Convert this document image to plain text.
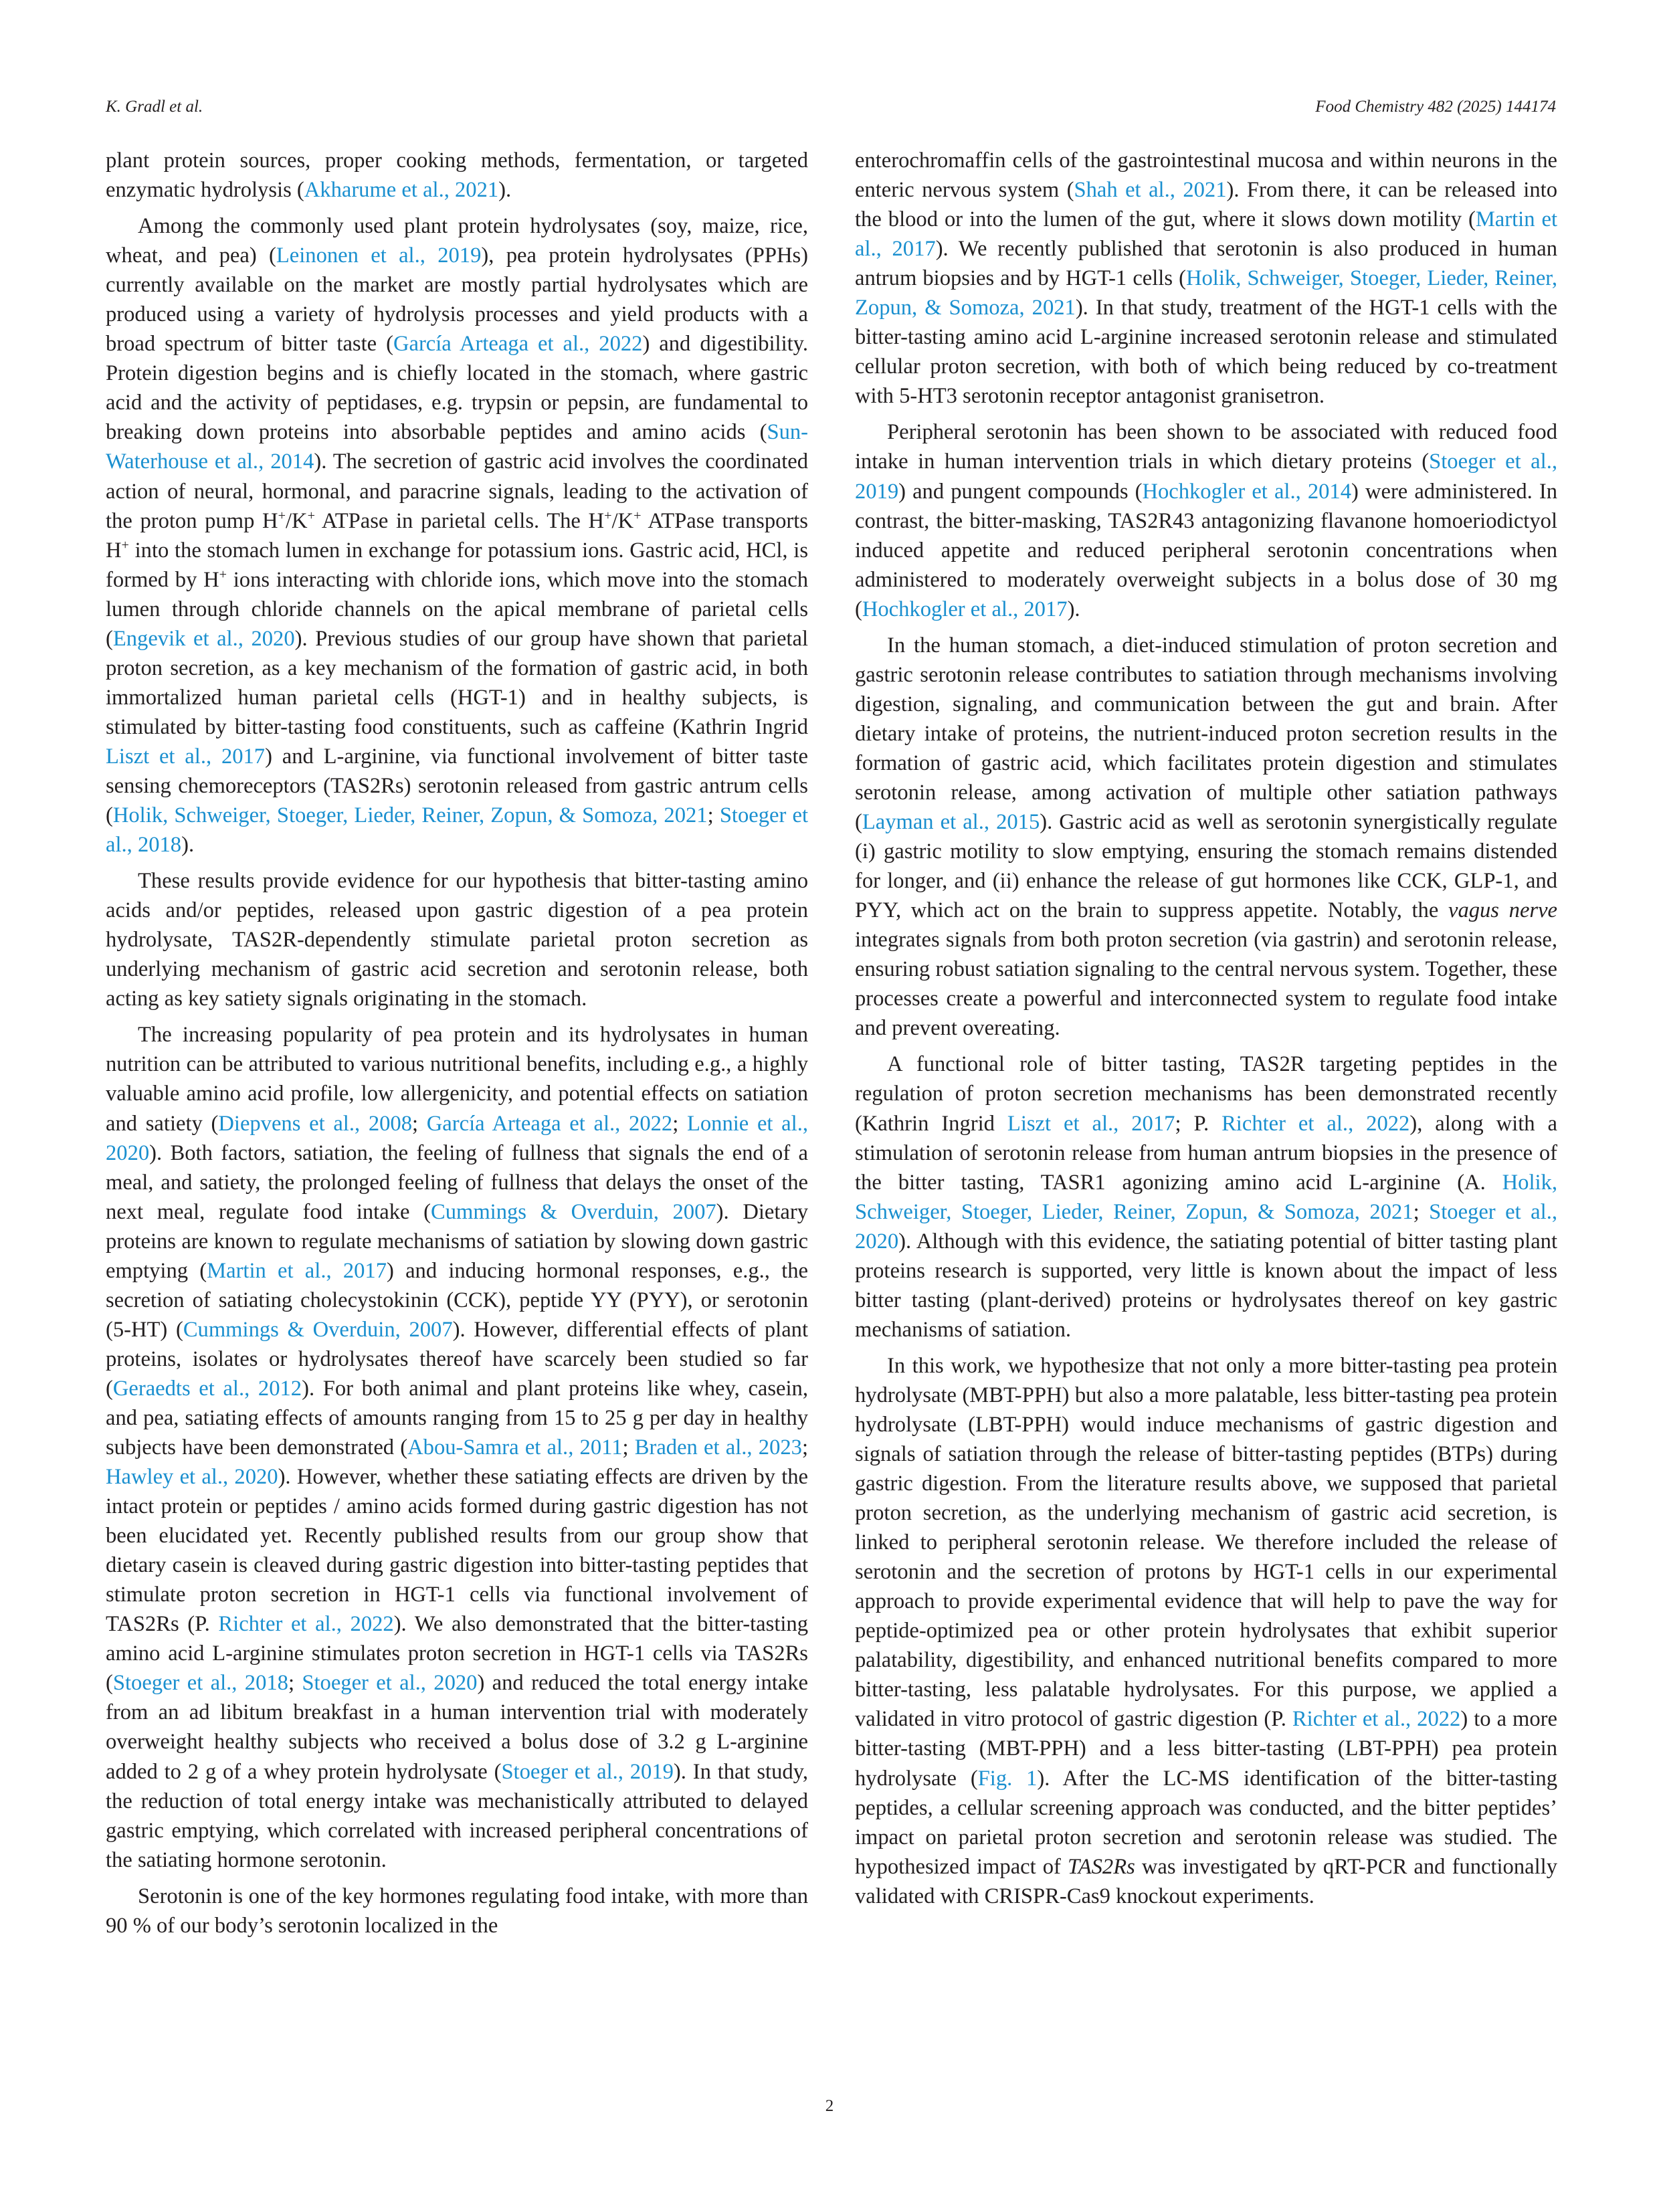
K. Gradl et al.	Food Chemistry 482 (2025) 144174

plant protein sources, proper cooking methods, fermentation, or targeted enzymatic hydrolysis (Akharume et al., 2021).

Among the commonly used plant protein hydrolysates (soy, maize, rice, wheat, and pea) (Leinonen et al., 2019), pea protein hydrolysates (PPHs) currently available on the market are mostly partial hydrolysates which are produced using a variety of hydrolysis processes and yield products with a broad spectrum of bitter taste (García Arteaga et al., 2022) and digestibility. Protein digestion begins and is chiefly located in the stomach, where gastric acid and the activity of peptidases, e.g. trypsin or pepsin, are fundamental to breaking down proteins into absorbable peptides and amino acids (Sun-Waterhouse et al., 2014). The secretion of gastric acid involves the coordinated action of neural, hormonal, and paracrine signals, leading to the activation of the proton pump H+/K+ ATPase in parietal cells. The H+/K+ ATPase transports H+ into the stomach lumen in exchange for potassium ions. Gastric acid, HCl, is formed by H+ ions interacting with chloride ions, which move into the stomach lumen through chloride channels on the apical membrane of parietal cells (Engevik et al., 2020). Previous studies of our group have shown that parietal proton secretion, as a key mechanism of the formation of gastric acid, in both immortalized human parietal cells (HGT-1) and in healthy subjects, is stimulated by bitter-tasting food constituents, such as caffeine (Kathrin Ingrid Liszt et al., 2017) and L-arginine, via functional involvement of bitter taste sensing chemoreceptors (TAS2Rs) serotonin released from gastric antrum cells (Holik, Schweiger, Stoeger, Lieder, Reiner, Zopun, & Somoza, 2021; Stoeger et al., 2018).

These results provide evidence for our hypothesis that bitter-tasting amino acids and/or peptides, released upon gastric digestion of a pea protein hydrolysate, TAS2R-dependently stimulate parietal proton secretion as underlying mechanism of gastric acid secretion and serotonin release, both acting as key satiety signals originating in the stomach.

The increasing popularity of pea protein and its hydrolysates in human nutrition can be attributed to various nutritional benefits, including e.g., a highly valuable amino acid profile, low allergenicity, and potential effects on satiation and satiety (Diepvens et al., 2008; García Arteaga et al., 2022; Lonnie et al., 2020). Both factors, satiation, the feeling of fullness that signals the end of a meal, and satiety, the prolonged feeling of fullness that delays the onset of the next meal, regulate food intake (Cummings & Overduin, 2007). Dietary proteins are known to regulate mechanisms of satiation by slowing down gastric emptying (Martin et al., 2017) and inducing hormonal responses, e.g., the secretion of satiating cholecystokinin (CCK), peptide YY (PYY), or serotonin (5-HT) (Cummings & Overduin, 2007). However, differential effects of plant proteins, isolates or hydrolysates thereof have scarcely been studied so far (Geraedts et al., 2012). For both animal and plant proteins like whey, casein, and pea, satiating effects of amounts ranging from 15 to 25 g per day in healthy subjects have been demonstrated (Abou-Samra et al., 2011; Braden et al., 2023; Hawley et al., 2020). However, whether these satiating effects are driven by the intact protein or peptides / amino acids formed during gastric digestion has not been elucidated yet. Recently published results from our group show that dietary casein is cleaved during gastric digestion into bitter-tasting peptides that stimulate proton secretion in HGT-1 cells via functional involvement of TAS2Rs (P. Richter et al., 2022). We also demonstrated that the bitter-tasting amino acid L-arginine stimulates proton secretion in HGT-1 cells via TAS2Rs (Stoeger et al., 2018; Stoeger et al., 2020) and reduced the total energy intake from an ad libitum breakfast in a human intervention trial with moderately overweight healthy subjects who received a bolus dose of 3.2 g L-arginine added to 2 g of a whey protein hydrolysate (Stoeger et al., 2019). In that study, the reduction of total energy intake was mechanistically attributed to delayed gastric emptying, which correlated with increased peripheral concentrations of the satiating hormone serotonin.

Serotonin is one of the key hormones regulating food intake, with more than 90 % of our body’s serotonin localized in the

enterochromaffin cells of the gastrointestinal mucosa and within neurons in the enteric nervous system (Shah et al., 2021). From there, it can be released into the blood or into the lumen of the gut, where it slows down motility (Martin et al., 2017). We recently published that serotonin is also produced in human antrum biopsies and by HGT-1 cells (Holik, Schweiger, Stoeger, Lieder, Reiner, Zopun, & Somoza, 2021). In that study, treatment of the HGT-1 cells with the bitter-tasting amino acid L-arginine increased serotonin release and stimulated cellular proton secretion, with both of which being reduced by co-treatment with 5-HT3 serotonin receptor antagonist granisetron.

Peripheral serotonin has been shown to be associated with reduced food intake in human intervention trials in which dietary proteins (Stoeger et al., 2019) and pungent compounds (Hochkogler et al., 2014) were administered. In contrast, the bitter-masking, TAS2R43 antagonizing flavanone homoeriodictyol induced appetite and reduced peripheral serotonin concentrations when administered to moderately overweight subjects in a bolus dose of 30 mg (Hochkogler et al., 2017).

In the human stomach, a diet-induced stimulation of proton secretion and gastric serotonin release contributes to satiation through mechanisms involving digestion, signaling, and communication between the gut and brain. After dietary intake of proteins, the nutrient-induced proton secretion results in the formation of gastric acid, which facilitates protein digestion and stimulates serotonin release, among activation of multiple other satiation pathways (Layman et al., 2015). Gastric acid as well as serotonin synergistically regulate (i) gastric motility to slow emptying, ensuring the stomach remains distended for longer, and (ii) enhance the release of gut hormones like CCK, GLP-1, and PYY, which act on the brain to suppress appetite. Notably, the vagus nerve integrates signals from both proton secretion (via gastrin) and serotonin release, ensuring robust satiation signaling to the central nervous system. Together, these processes create a powerful and interconnected system to regulate food intake and prevent overeating.

A functional role of bitter tasting, TAS2R targeting peptides in the regulation of proton secretion mechanisms has been demonstrated recently (Kathrin Ingrid Liszt et al., 2017; P. Richter et al., 2022), along with a stimulation of serotonin release from human antrum biopsies in the presence of the bitter tasting, TASR1 agonizing amino acid L-arginine (A. Holik, Schweiger, Stoeger, Lieder, Reiner, Zopun, & Somoza, 2021; Stoeger et al., 2020). Although with this evidence, the satiating potential of bitter tasting plant proteins research is supported, very little is known about the impact of less bitter tasting (plant-derived) proteins or hydrolysates thereof on key gastric mechanisms of satiation.

In this work, we hypothesize that not only a more bitter-tasting pea protein hydrolysate (MBT-PPH) but also a more palatable, less bitter-tasting pea protein hydrolysate (LBT-PPH) would induce mechanisms of gastric digestion and signals of satiation through the release of bitter-tasting peptides (BTPs) during gastric digestion. From the literature results above, we supposed that parietal proton secretion, as the underlying mechanism of gastric acid secretion, is linked to peripheral serotonin release. We therefore included the release of serotonin and the secretion of protons by HGT-1 cells in our experimental approach to provide experimental evidence that will help to pave the way for peptide-optimized pea or other protein hydrolysates that exhibit superior palatability, digestibility, and enhanced nutritional benefits compared to more bitter-tasting, less palatable hydrolysates. For this purpose, we applied a validated in vitro protocol of gastric digestion (P. Richter et al., 2022) to a more bitter-tasting (MBT-PPH) and a less bitter-tasting (LBT-PPH) pea protein hydrolysate (Fig. 1). After the LC-MS identification of the bitter-tasting peptides, a cellular screening approach was conducted, and the bitter peptides’ impact on parietal proton secretion and serotonin release was studied. The hypothesized impact of TAS2Rs was investigated by qRT-PCR and functionally validated with CRISPR-Cas9 knockout experiments.

2
